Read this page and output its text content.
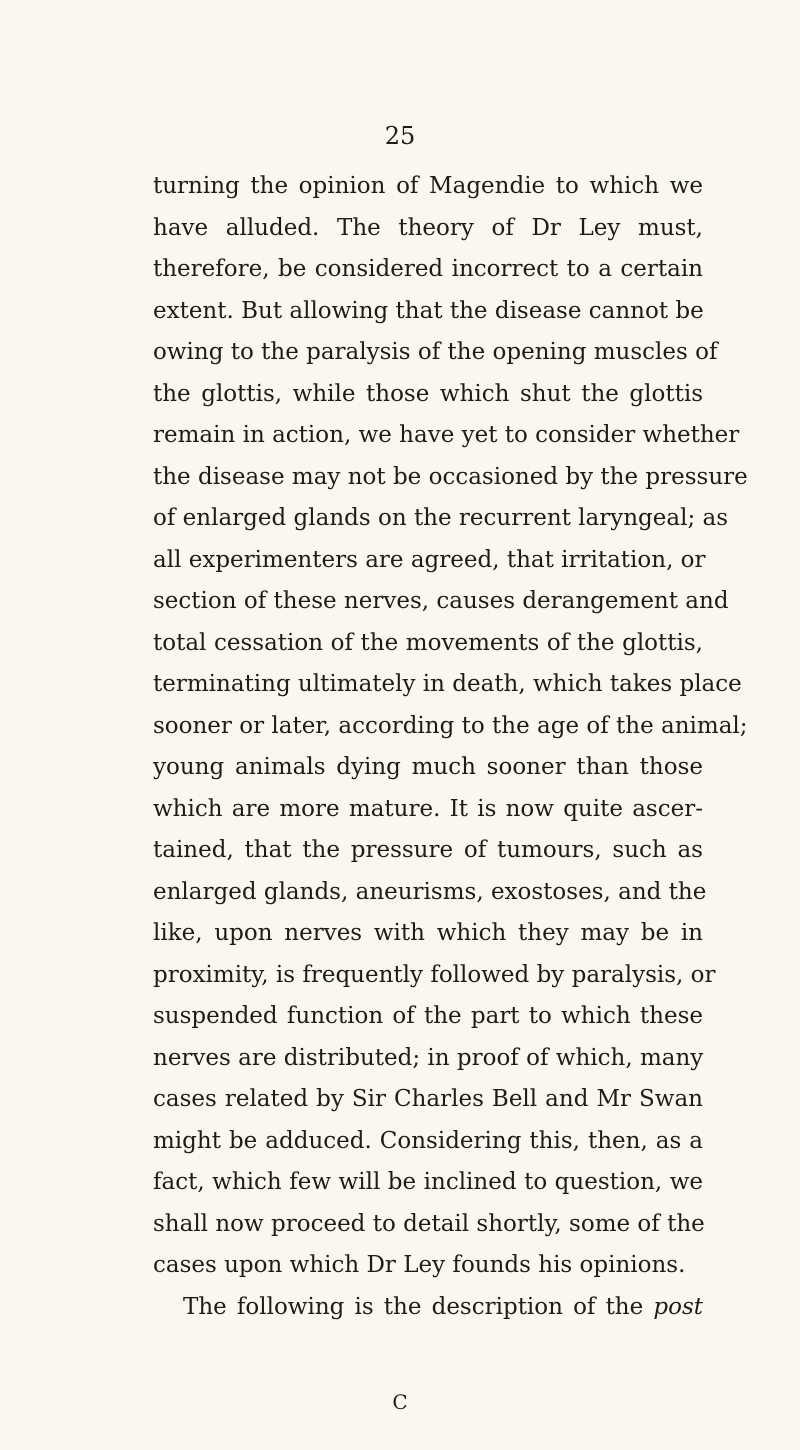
25
turning the opinion of Magendie to which we
have alluded. The theory of Dr Ley must,
therefore, be considered incorrect to a certain
extent. But allowing that the disease cannot be
owing to the paralysis of the opening muscles of
the glottis, while those which shut the glottis
remain in action, we have yet to consider whether
the disease may not be occasioned by the pressure
of enlarged glands on the recurrent laryngeal; as
all experimenters are agreed, that irritation, or
section of these nerves, causes derangement and
total cessation of the movements of the glottis,
terminating ultimately in death, which takes place
sooner or later, according to the age of the animal;
young animals dying much sooner than those
which are more mature. It is now quite ascer-
tained, that the pressure of tumours, such as
enlarged glands, aneurisms, exostoses, and the
like, upon nerves with which they may be in
proximity, is frequently followed by paralysis, or
suspended function of the part to which these
nerves are distributed; in proof of which, many
cases related by Sir Charles Bell and Mr Swan
might be adduced. Considering this, then, as a
fact, which few will be inclined to question, we
shall now proceed to detail shortly, some of the
cases upon which Dr Ley founds his opinions.
The following is the description of the post
C
